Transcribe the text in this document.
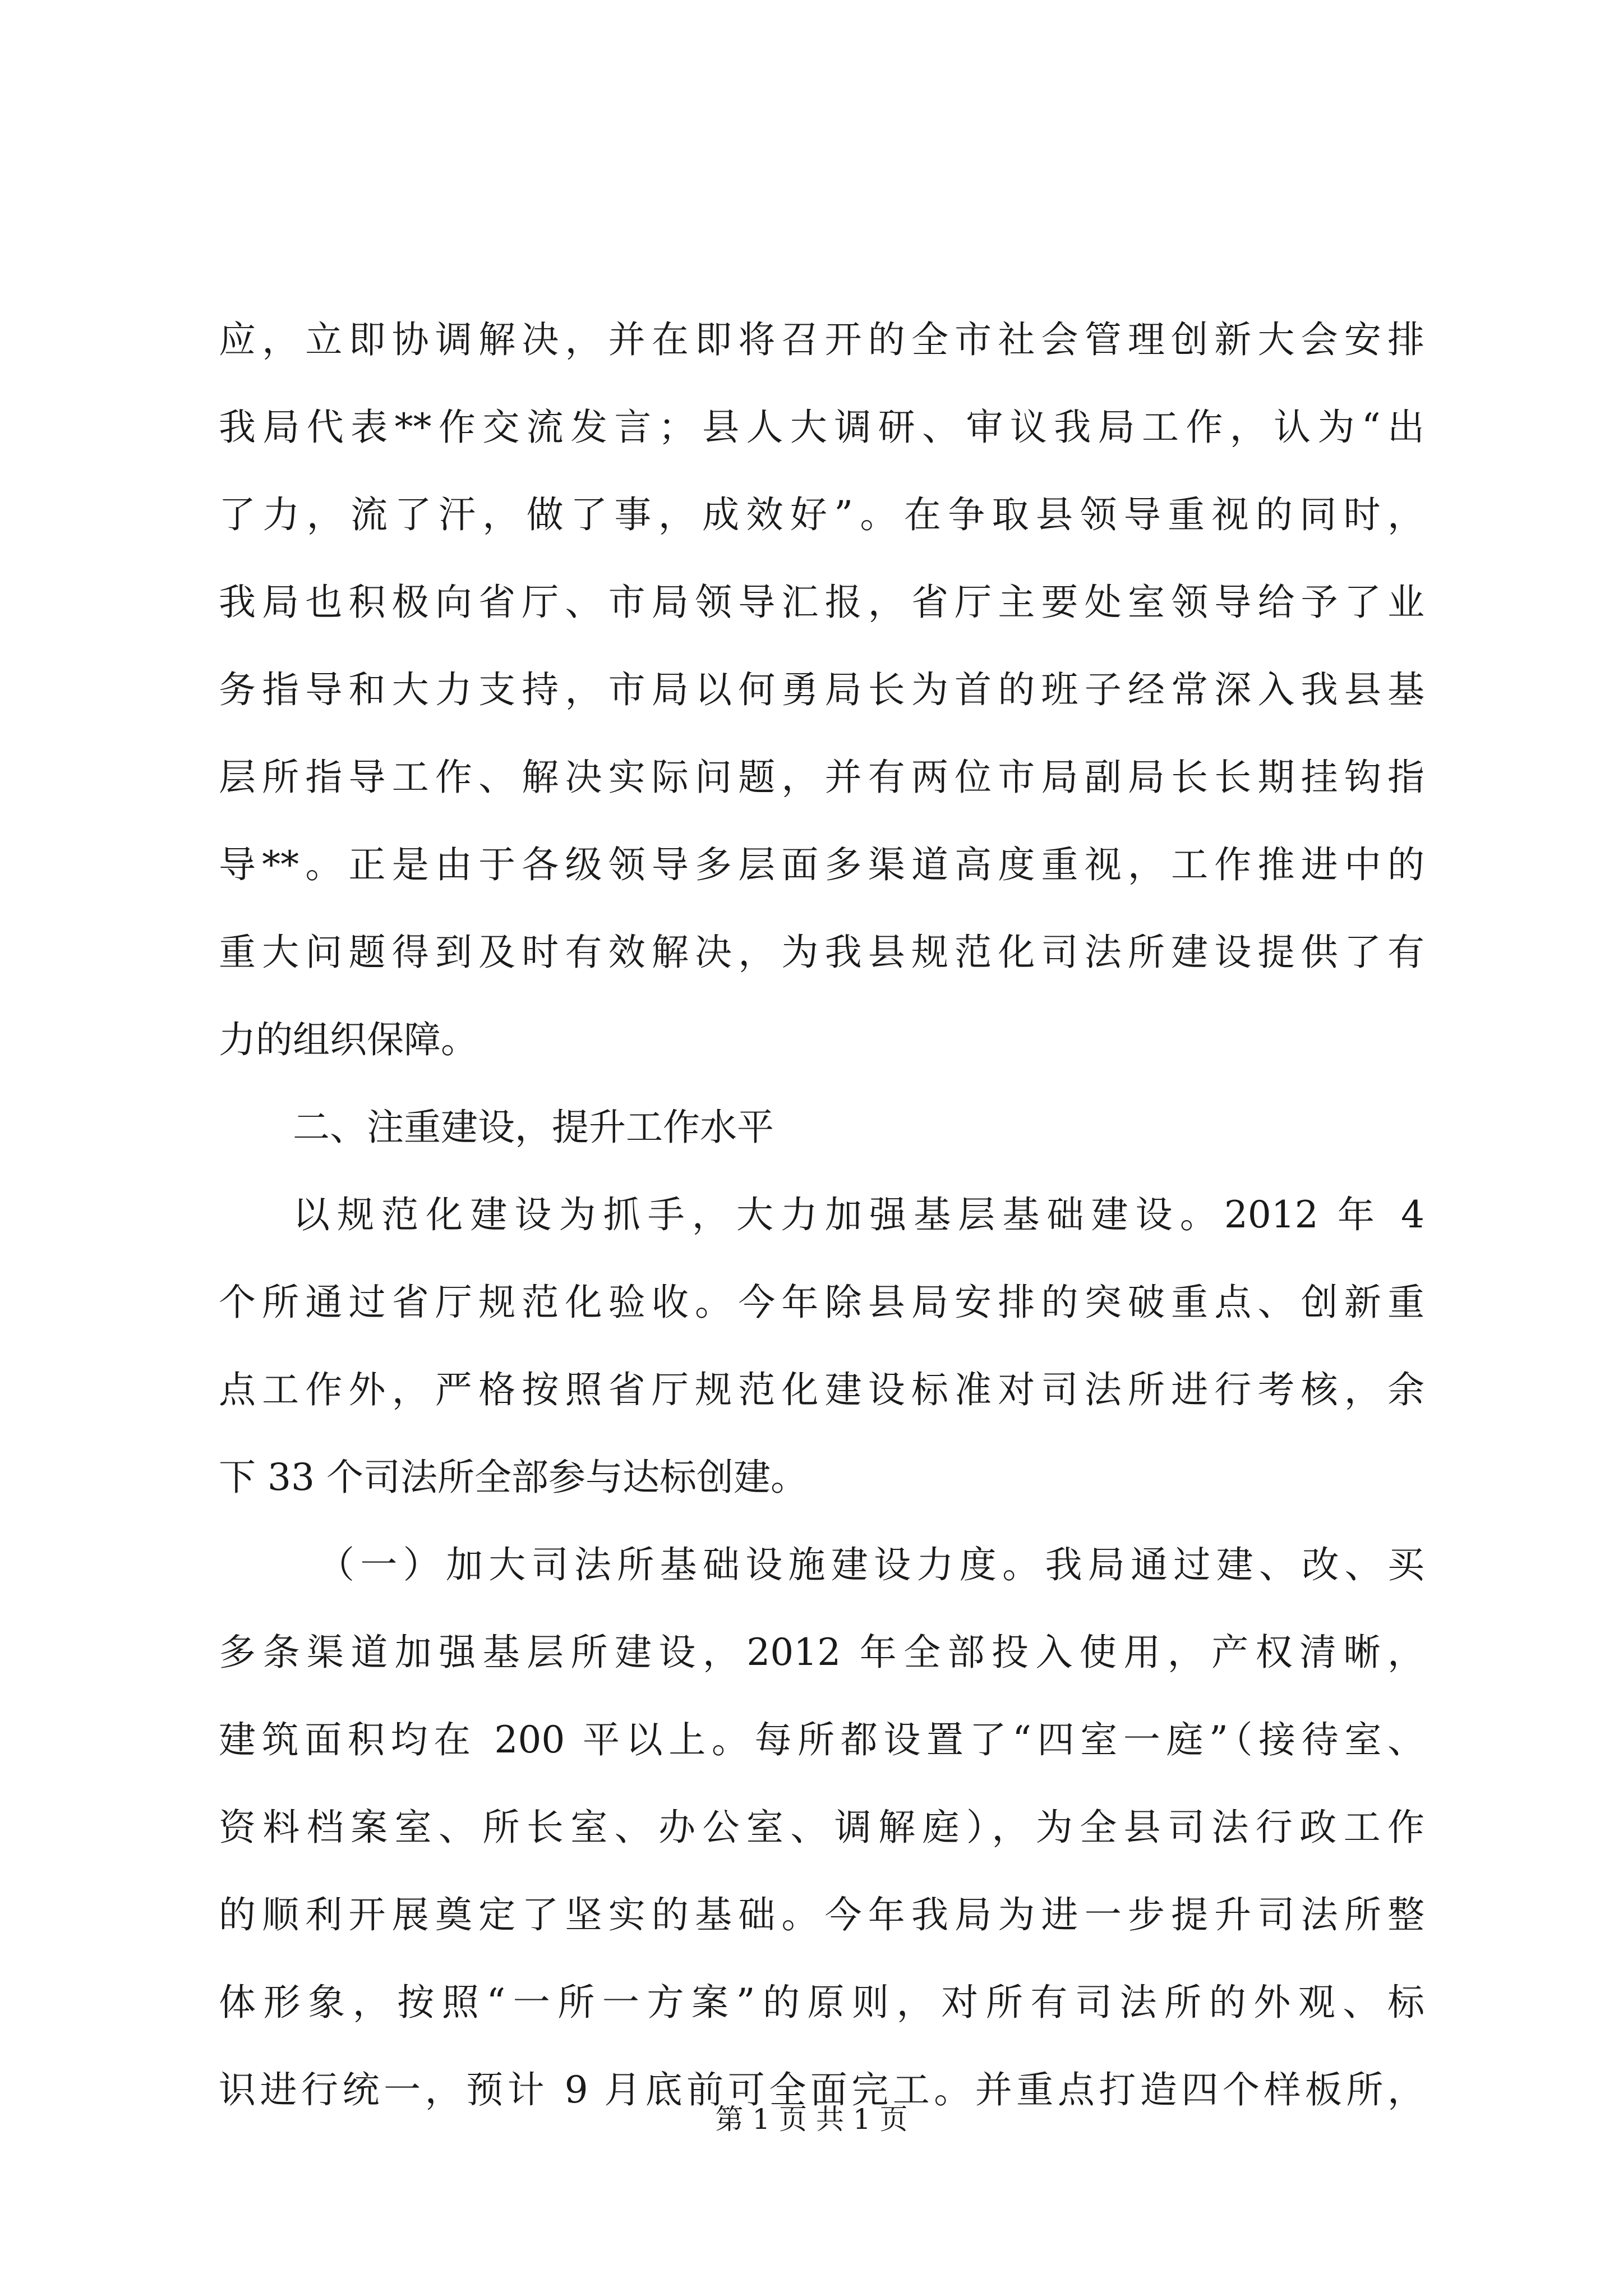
应，立即协调解决，并在即将召开的全市社会管理创新大会安排
我局代表**作交流发言；县人大调研、审议我局工作，认为“出
了力，流了汗，做了事，成效好”。在争取县领导重视的同时，
我局也积极向省厅、市局领导汇报，省厅主要处室领导给予了业
务指导和大力支持，市局以何勇局长为首的班子经常深入我县基
层所指导工作、解决实际问题，并有两位市局副局长长期挂钩指
导**。正是由于各级领导多层面多渠道高度重视，工作推进中的
重大问题得到及时有效解决，为我县规范化司法所建设提供了有
力的组织保障。
二、注重建设，提升工作水平
以规范化建设为抓手，大力加强基层基础建设。2012 年 4
个所通过省厅规范化验收。今年除县局安排的突破重点、创新重
点工作外，严格按照省厅规范化建设标准对司法所进行考核，余
下 33 个司法所全部参与达标创建。
（一）加大司法所基础设施建设力度。我局通过建、改、买
多条渠道加强基层所建设，2012 年全部投入使用，产权清晰，
建筑面积均在 200 平以上。每所都设置了“四室一庭”（接待室、
资料档案室、所长室、办公室、调解庭），为全县司法行政工作
的顺利开展奠定了坚实的基础。今年我局为进一步提升司法所整
体形象，按照“一所一方案”的原则，对所有司法所的外观、标
识进行统一，预计 9 月底前可全面完工。并重点打造四个样板所，
第 1 页 共 1 页
